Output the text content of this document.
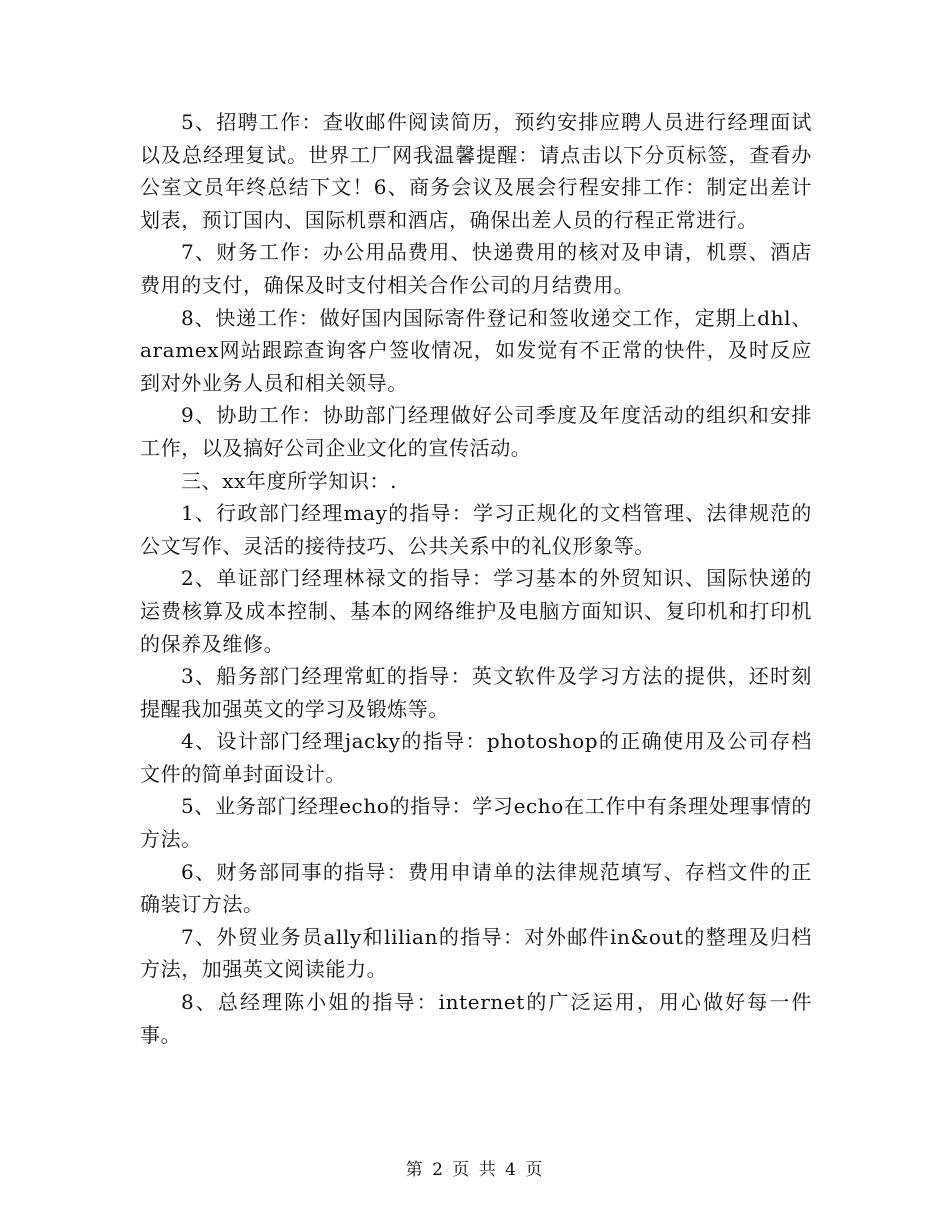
5、招聘工作：查收邮件阅读简历，预约安排应聘人员进行经理面试以及总经理复试。世界工厂网我温馨提醒：请点击以下分页标签，查看办公室文员年终总结下文！6、商务会议及展会行程安排工作：制定出差计划表，预订国内、国际机票和酒店，确保出差人员的行程正常进行。

7、财务工作：办公用品费用、快递费用的核对及申请，机票、酒店费用的支付，确保及时支付相关合作公司的月结费用。

8、快递工作：做好国内国际寄件登记和签收递交工作，定期上dhl、aramex网站跟踪查询客户签收情况，如发觉有不正常的快件，及时反应到对外业务人员和相关领导。

9、协助工作：协助部门经理做好公司季度及年度活动的组织和安排工作，以及搞好公司企业文化的宣传活动。

三、xx年度所学知识：.

1、行政部门经理may的指导：学习正规化的文档管理、法律规范的公文写作、灵活的接待技巧、公共关系中的礼仪形象等。

2、单证部门经理林禄文的指导：学习基本的外贸知识、国际快递的运费核算及成本控制、基本的网络维护及电脑方面知识、复印机和打印机的保养及维修。

3、船务部门经理常虹的指导：英文软件及学习方法的提供，还时刻提醒我加强英文的学习及锻炼等。

4、设计部门经理jacky的指导：photoshop的正确使用及公司存档文件的简单封面设计。

5、业务部门经理echo的指导：学习echo在工作中有条理处理事情的方法。

6、财务部同事的指导：费用申请单的法律规范填写、存档文件的正确装订方法。

7、外贸业务员ally和lilian的指导：对外邮件in&out的整理及归档方法，加强英文阅读能力。

8、总经理陈小姐的指导：internet的广泛运用，用心做好每一件事。

第 2 页 共 4 页
